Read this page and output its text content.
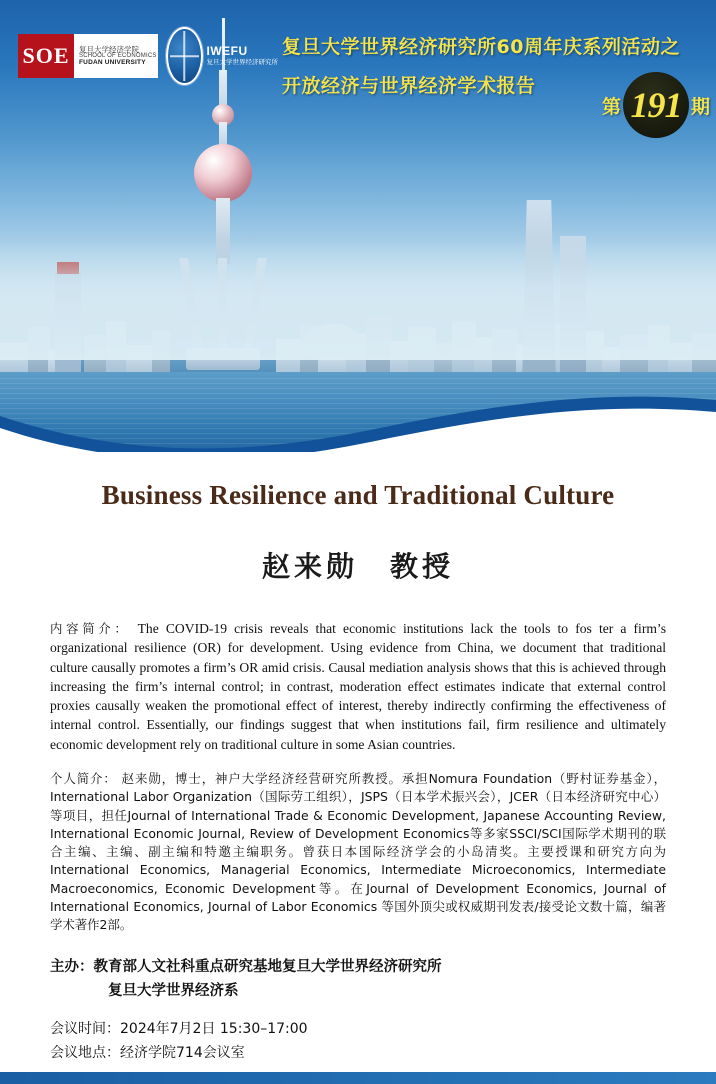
SOE	复旦大学经济学院
SCHOOL OF ECONOMICS
FUDAN UNIVERSITY
IWEFU
复旦大学世界经济研究所
复旦大学世界经济研究所60周年庆系列活动之
开放经济与世界经济学术报告
第 191 期
Business Resilience and Traditional Culture
赵来勋　教授
内容简介： The COVID-19 crisis reveals that economic institutions lack the tools to fos ter a firm’s organizational resilience (OR) for development. Using evidence from China, we document that traditional culture causally promotes a firm’s OR amid crisis. Causal mediation analysis shows that this is achieved through increasing the firm’s internal control; in contrast, moderation effect estimates indicate that external control proxies causally weaken the promotional effect of interest, thereby indirectly confirming the effectiveness of internal control. Essentially, our findings suggest that when institutions fail, firm resilience and ultimately economic development rely on traditional culture in some Asian countries.
个人简介： 赵来勋，博士，神户大学经济经营研究所教授。承担Nomura Foundation（野村证券基金）， International Labor Organization（国际劳工组织），JSPS（日本学术振兴会），JCER（日本经济研究中心）等项目，担任Journal of International Trade & Economic Development, Japanese Accounting Review, International Economic Journal, Review of Development Economics等多家SSCI/SCI国际学术期刊的联合主编、主编、副主编和特邀主编职务。曾获日本国际经济学会的小岛清奖。主要授课和研究方向为International Economics, Managerial Economics, Intermediate Microeconomics, Intermediate Macroeconomics, Economic Development等。在Journal of Development Economics, Journal of International Economics, Journal of Labor Economics 等国外顶尖或权威期刊发表/接受论文数十篇，编著学术著作2部。
主办：教育部人文社科重点研究基地复旦大学世界经济研究所
复旦大学世界经济系
会议时间：2024年7月2日 15:30–17:00
会议地点：经济学院714会议室
